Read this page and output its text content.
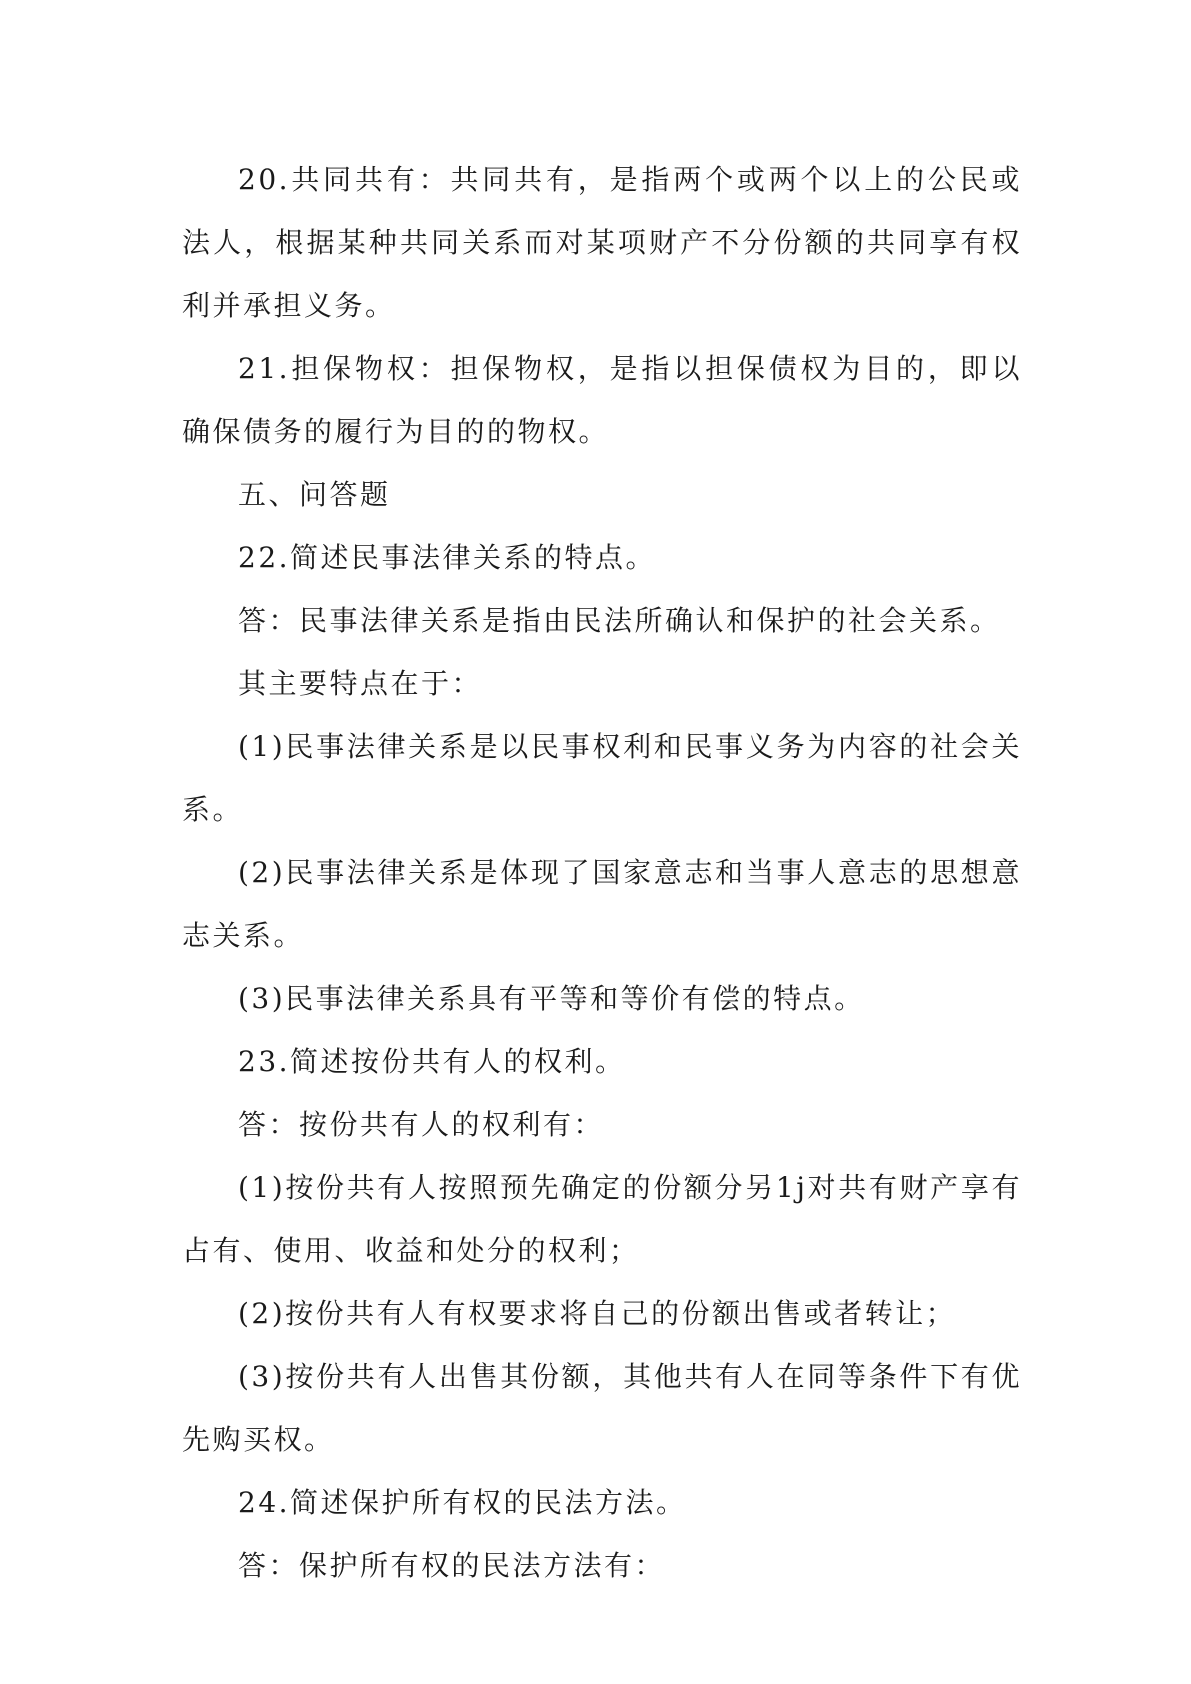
20.共同共有：共同共有，是指两个或两个以上的公民或法人，根据某种共同关系而对某项财产不分份额的共同享有权利并承担义务。

21.担保物权：担保物权，是指以担保债权为目的，即以确保债务的履行为目的的物权。

五、问答题

22.简述民事法律关系的特点。

答：民事法律关系是指由民法所确认和保护的社会关系。

其主要特点在于：

(1)民事法律关系是以民事权利和民事义务为内容的社会关系。

(2)民事法律关系是体现了国家意志和当事人意志的思想意志关系。

(3)民事法律关系具有平等和等价有偿的特点。

23.简述按份共有人的权利。

答：按份共有人的权利有：

(1)按份共有人按照预先确定的份额分另1j对共有财产享有占有、使用、收益和处分的权利；

(2)按份共有人有权要求将自己的份额出售或者转让；

(3)按份共有人出售其份额，其他共有人在同等条件下有优先购买权。

24.简述保护所有权的民法方法。

答：保护所有权的民法方法有：
